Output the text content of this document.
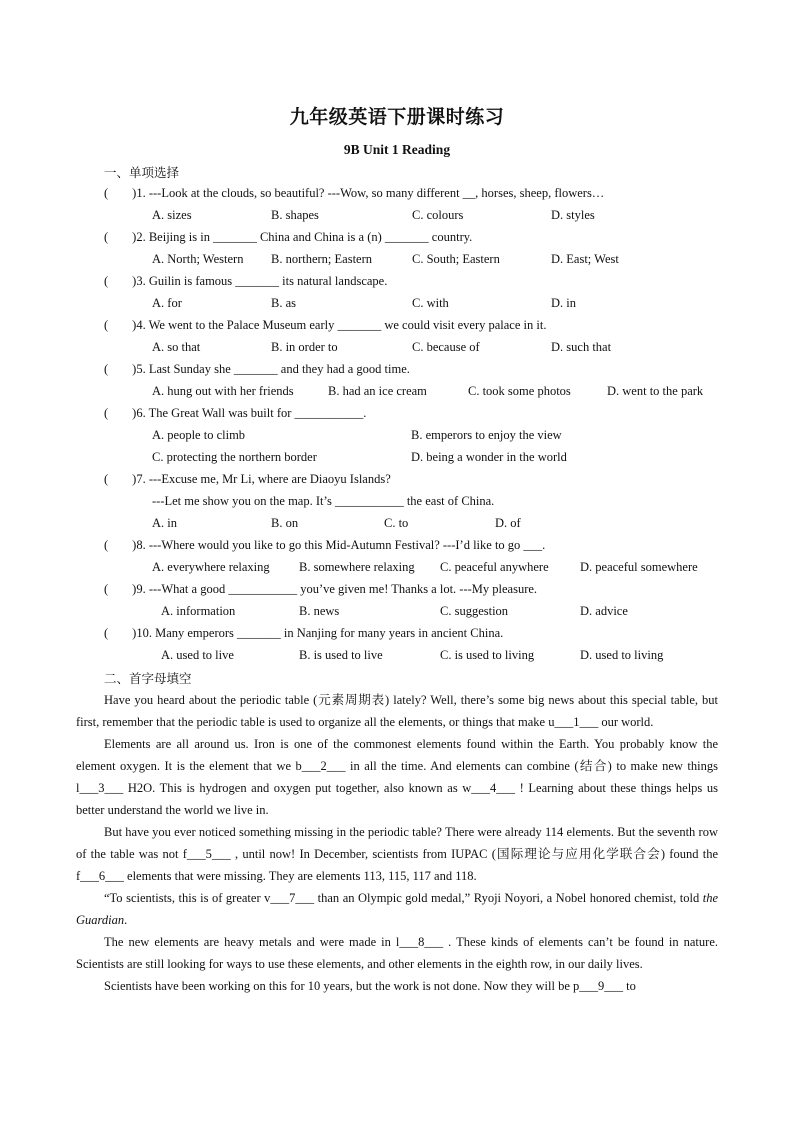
九年级英语下册课时练习
9B Unit 1 Reading
一、单项选择
( )1. ---Look at the clouds, so beautiful? ---Wow, so many different __, horses, sheep, flowers…
A. sizes	B. shapes	C. colours	D. styles
( )2. Beijing is in _______ China and China is a (n) _______ country.
A. North; Western B. northern; Eastern	C. South; Eastern	D. East; West
( )3. Guilin is famous _______ its natural landscape.
A. for	B. as	C. with	D. in
( )4. We went to the Palace Museum early _______ we could visit every palace in it.
A. so that	B. in order to	C. because of	D. such that
( )5. Last Sunday she _______ and they had a good time.
A. hung out with her friends	B. had an ice cream	C. took some photos	D. went to the park
( )6. The Great Wall was built for ___________.
A. people to climb	B. emperors to enjoy the view
C. protecting the northern border	D. being a wonder in the world
( )7. ---Excuse me, Mr Li, where are Diaoyu Islands?
---Let me show you on the map. It’s ___________ the east of China.
A. in	B. on	C. to	D. of
( )8. ---Where would you like to go this Mid-Autumn Festival? ---I’d like to go ___.
A. everywhere relaxing B. somewhere relaxing C. peaceful anywhere	D. peaceful somewhere
( )9. ---What a good ___________ you’ve given me! Thanks a lot. ---My pleasure.
A. information	B. news	C. suggestion	D. advice
( )10. Many emperors _______ in Nanjing for many years in ancient China.
A. used to live	B. is used to live	C. is used to living	D. used to living
二、首字母填空

Have you heard about the periodic table (元素周期表) lately? Well, there’s some big news about this special table, but first, remember that the periodic table is used to organize all the elements, or things that make u___1___ our world.

Elements are all around us. Iron is one of the commonest elements found within the Earth. You probably know the element oxygen. It is the element that we b___2___ in all the time. And elements can combine (结合) to make new things l___3___ H2O. This is hydrogen and oxygen put together, also known as w___4___ ! Learning about these things helps us better understand the world we live in.

But have you ever noticed something missing in the periodic table? There were already 114 elements. But the seventh row of the table was not f___5___ , until now! In December, scientists from IUPAC (国际理论与应用化学联合会) found the f___6___ elements that were missing. They are elements 113, 115, 117 and 118.

“To scientists, this is of greater v___7___ than an Olympic gold medal,” Ryoji Noyori, a Nobel honored chemist, told the Guardian.

The new elements are heavy metals and were made in l___8___ . These kinds of elements can’t be found in nature. Scientists are still looking for ways to use these elements, and other elements in the eighth row, in our daily lives.

Scientists have been working on this for 10 years, but the work is not done. Now they will be p___9___ to
